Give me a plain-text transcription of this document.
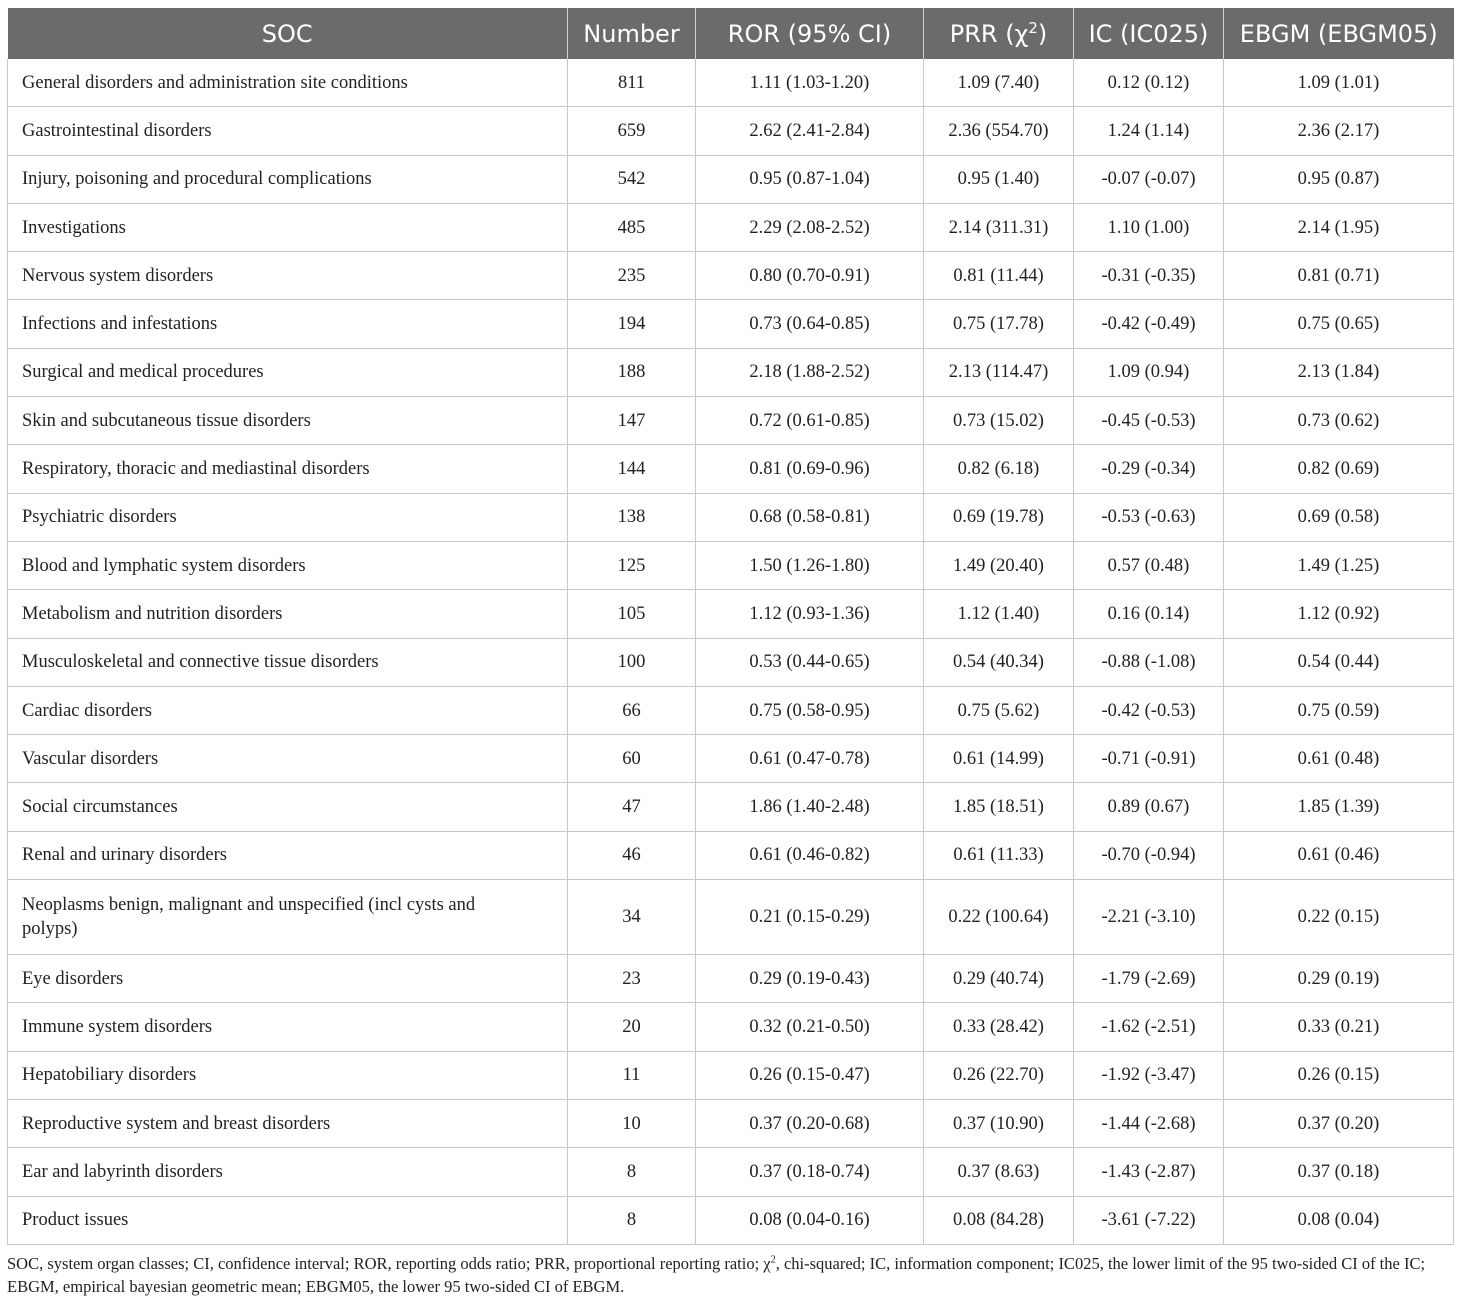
SOC	Number	ROR (95% CI)	PRR $(\chi^2)$	IC (IC025)	EBGM (EBGM05)
General disorders and administration site conditions	811	1.11 (1.03-1.20)	1.09 (7.40)	0.12 (0.12)	1.09 (1.01)
Gastrointestinal disorders	659	2.62 (2.41-2.84)	2.36 (554.70)	1.24 (1.14)	2.36 (2.17)
Injury, poisoning and procedural complications	542	0.95 (0.87-1.04)	0.95 (1.40)	-0.07 (-0.07)	0.95 (0.87)
Investigations	485	2.29 (2.08-2.52)	2.14 (311.31)	1.10 (1.00)	2.14 (1.95)
Nervous system disorders	235	0.80 (0.70-0.91)	0.81 (11.44)	-0.31 (-0.35)	0.81 (0.71)
Infections and infestations	194	0.73 (0.64-0.85)	0.75 (17.78)	-0.42 (-0.49)	0.75 (0.65)
Surgical and medical procedures	188	2.18 (1.88-2.52)	2.13 (114.47)	1.09 (0.94)	2.13 (1.84)
Skin and subcutaneous tissue disorders	147	0.72 (0.61-0.85)	0.73 (15.02)	-0.45 (-0.53)	0.73 (0.62)
Respiratory, thoracic and mediastinal disorders	144	0.81 (0.69-0.96)	0.82 (6.18)	-0.29 (-0.34)	0.82 (0.69)
Psychiatric disorders	138	0.68 (0.58-0.81)	0.69 (19.78)	-0.53 (-0.63)	0.69 (0.58)
Blood and lymphatic system disorders	125	1.50 (1.26-1.80)	1.49 (20.40)	0.57 (0.48)	1.49 (1.25)
Metabolism and nutrition disorders	105	1.12 (0.93-1.36)	1.12 (1.40)	0.16 (0.14)	1.12 (0.92)
Musculoskeletal and connective tissue disorders	100	0.53 (0.44-0.65)	0.54 (40.34)	-0.88 (-1.08)	0.54 (0.44)
Cardiac disorders	66	0.75 (0.58-0.95)	0.75 (5.62)	-0.42 (-0.53)	0.75 (0.59)
Vascular disorders	60	0.61 (0.47-0.78)	0.61 (14.99)	-0.71 (-0.91)	0.61 (0.48)
Social circumstances	47	1.86 (1.40-2.48)	1.85 (18.51)	0.89 (0.67)	1.85 (1.39)
Renal and urinary disorders	46	0.61 (0.46-0.82)	0.61 (11.33)	-0.70 (-0.94)	0.61 (0.46)
Neoplasms benign, malignant and unspecified (incl cysts and polyps)	34	0.21 (0.15-0.29)	0.22 (100.64)	-2.21 (-3.10)	0.22 (0.15)
Eye disorders	23	0.29 (0.19-0.43)	0.29 (40.74)	-1.79 (-2.69)	0.29 (0.19)
Immune system disorders	20	0.32 (0.21-0.50)	0.33 (28.42)	-1.62 (-2.51)	0.33 (0.21)
Hepatobiliary disorders	11	0.26 (0.15-0.47)	0.26 (22.70)	-1.92 (-3.47)	0.26 (0.15)
Reproductive system and breast disorders	10	0.37 (0.20-0.68)	0.37 (10.90)	-1.44 (-2.68)	0.37 (0.20)
Ear and labyrinth disorders	8	0.37 (0.18-0.74)	0.37 (8.63)	-1.43 (-2.87)	0.37 (0.18)
Product issues	8	0.08 (0.04-0.16)	0.08 (84.28)	-3.61 (-7.22)	0.08 (0.04)
SOC, system organ classes; CI, confidence interval; ROR, reporting odds ratio; PRR, proportional reporting ratio; $\chi^2$, chi-squared; IC, information component; IC025, the lower limit of the 95 two-sided CI of the IC; EBGM, empirical bayesian geometric mean; EBGM05, the lower 95 two-sided CI of EBGM.
